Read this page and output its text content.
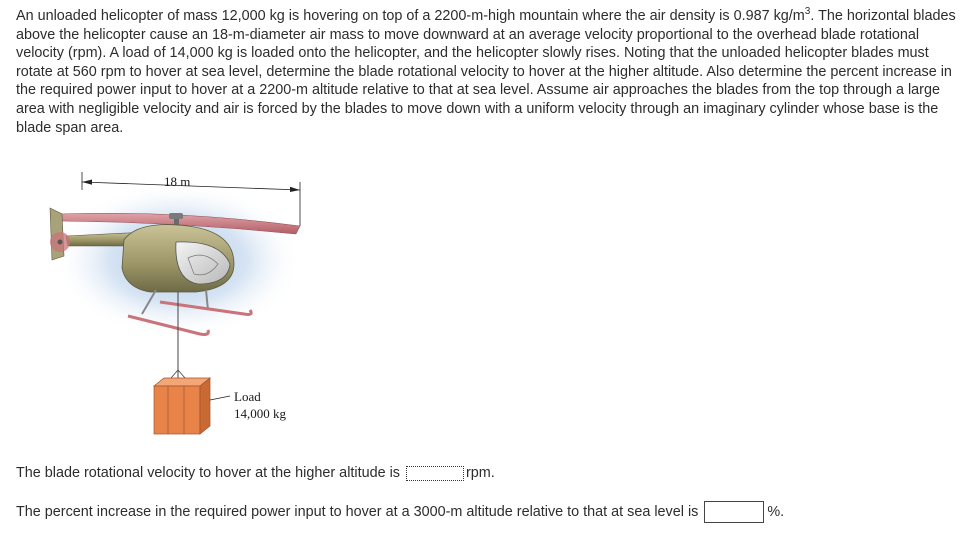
An unloaded helicopter of mass 12,000 kg is hovering on top of a 2200-m-high mountain where the air density is 0.987 $kg/m^3$. The horizontal blades above the helicopter cause an 18-m-diameter air mass to move downward at an average velocity proportional to the overhead blade rotational velocity (rpm). A load of 14,000 kg is loaded onto the helicopter, and the helicopter slowly rises. Noting that the unloaded helicopter blades must rotate at 560 rpm to hover at sea level, determine the blade rotational velocity to hover at the higher altitude. Also determine the percent increase in the required power input to hover at a 2200-m altitude relative to that at sea level. Assume air approaches the blades from the top through a large area with negligible velocity and air is forced by the blades to move down with a uniform velocity through an imaginary cylinder whose base is the blade span area.

18 m
Load
14,000 kg
The blade rotational velocity to hover at the higher altitude is	rpm.
The percent increase in the required power input to hover at a 3000-m altitude relative to that at sea level is	%.
